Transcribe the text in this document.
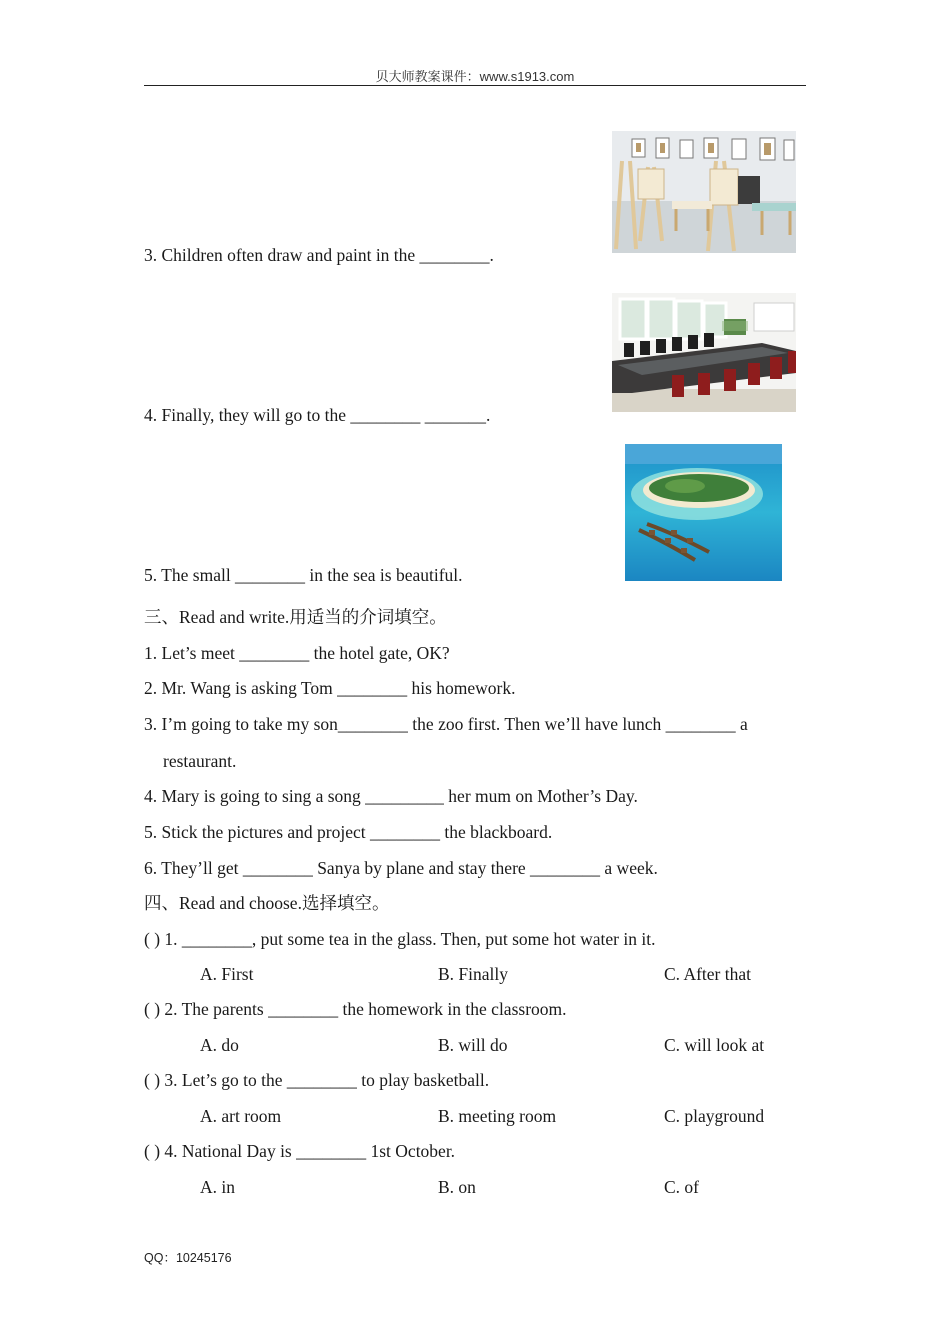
贝大师教案课件：www.s1913.com
3. Children often draw and paint in the ________.
4. Finally, they will go to the ________ _______.
5. The small ________ in the sea is beautiful.
三、Read and write.用适当的介词填空。
1. Let’s meet ________ the hotel gate, OK?
2. Mr. Wang is asking Tom ________ his homework.
3. I’m going to take my son________ the zoo first. Then we’ll have lunch ________ a
restaurant.
4. Mary is going to sing a song _________ her mum on Mother’s Day.
5. Stick the pictures and project ________ the blackboard.
6. They’ll get ________ Sanya by plane and stay there ________ a week.
四、Read and choose.选择填空。
( ) 1. ________, put some tea in the glass. Then, put some hot water in it.
A. First	B. Finally	C. After that
( ) 2. The parents ________ the homework in the classroom.
A. do	B. will do	C. will look at
( ) 3. Let’s go to the ________ to play basketball.
A. art room	B. meeting room	C. playground
( ) 4. National Day is ________ 1st October.
A. in	B. on	C. of
QQ：10245176
